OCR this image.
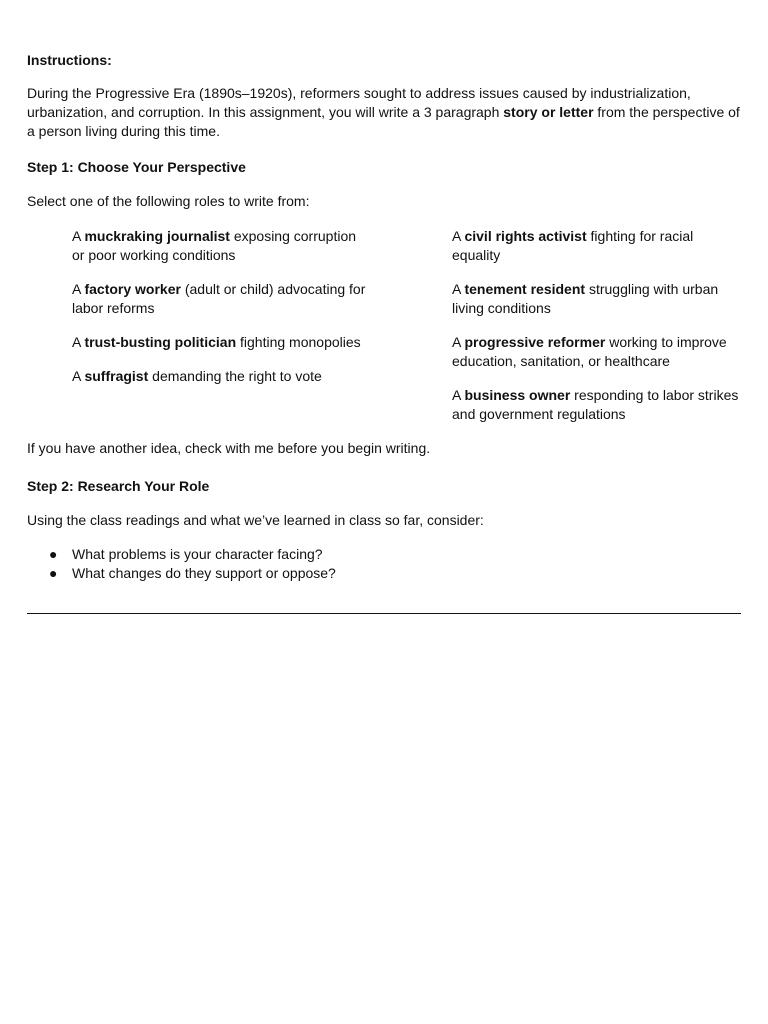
Instructions:

During the Progressive Era (1890s–1920s), reformers sought to address issues caused by industrialization, urbanization, and corruption. In this assignment, you will write a 3 paragraph story or letter from the perspective of a person living during this time.

Step 1: Choose Your Perspective

Select one of the following roles to write from:

A muckraking journalist exposing corruption or poor working conditions

A factory worker (adult or child) advocating for labor reforms

A trust-busting politician fighting monopolies

A suffragist demanding the right to vote

A civil rights activist fighting for racial equality

A tenement resident struggling with urban living conditions

A progressive reformer working to improve education, sanitation, or healthcare

A business owner responding to labor strikes and government regulations

If you have another idea, check with me before you begin writing.

Step 2: Research Your Role

Using the class readings and what we’ve learned in class so far, consider:

● What problems is your character facing?
● What changes do they support or oppose?
